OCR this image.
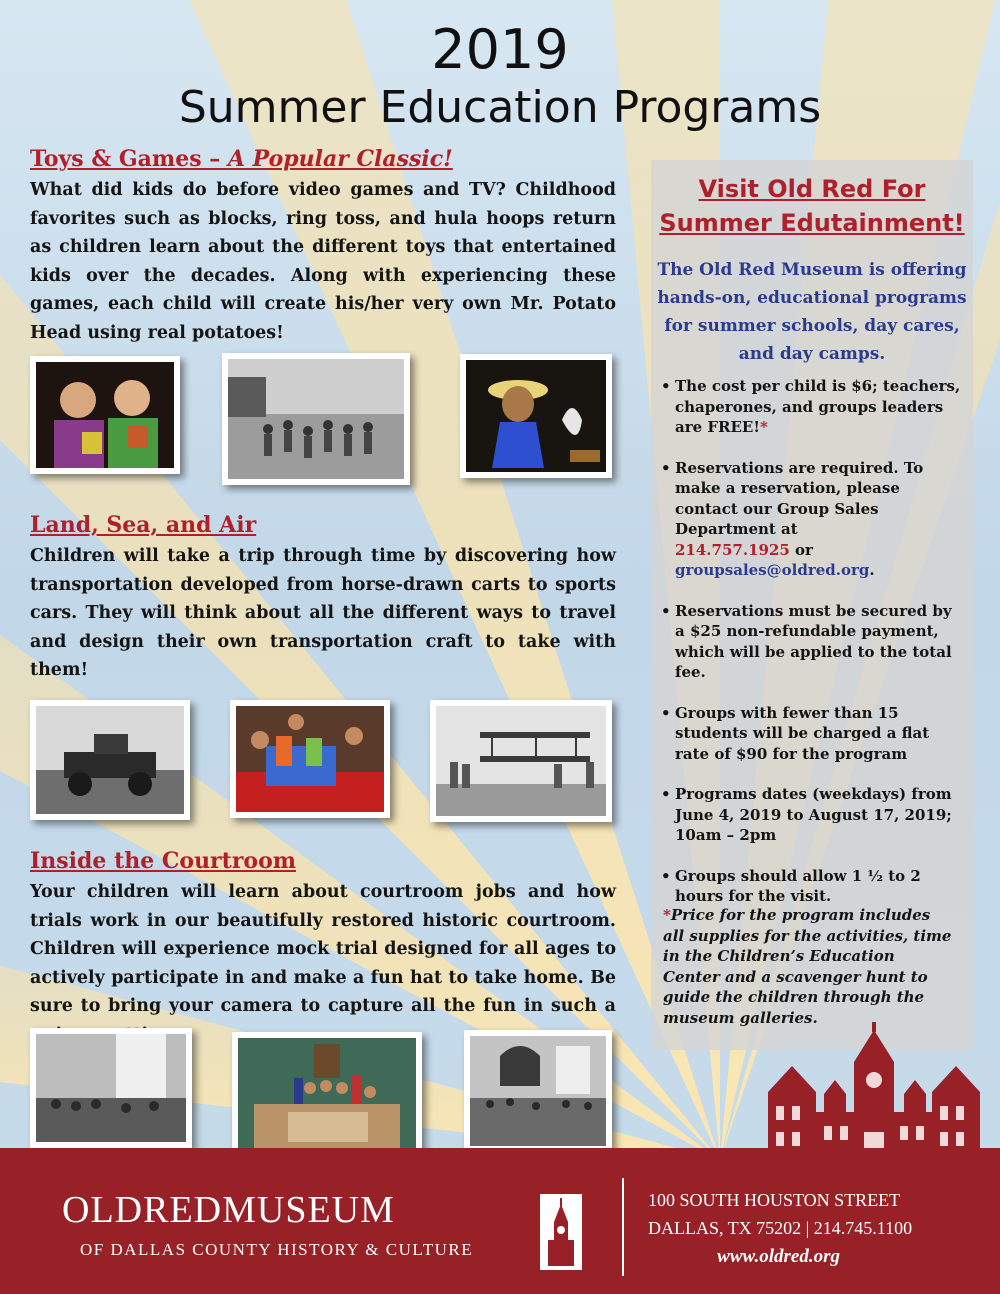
2019
Summer Education Programs
Toys & Games – A Popular Classic!

What did kids do before video games and TV? Childhood favorites such as blocks, ring toss, and hula hoops return as children learn about the different toys that entertained kids over the decades. Along with experiencing these games, each child will create his/her very own Mr. Potato Head using real potatoes!

Land, Sea, and Air

Children will take a trip through time by discovering how transportation developed from horse-drawn carts to sports cars. They will think about all the different ways to travel and design their own transportation craft to take with them!

Inside the Courtroom

Your children will learn about courtroom jobs and how trials work in our beautifully restored historic courtroom. Children will experience mock trial designed for all ages to actively participate in and make a fun hat to take home. Be sure to bring your camera to capture all the fun in such a

Visit Old Red For
Summer Edutainment!

The Old Red Museum is offering hands-on, educational programs for summer schools, day cares, and day camps.

• The cost per child is $6; teachers, chaperones, and groups leaders are FREE!*
• Reservations are required. To make a reservation, please contact our Group Sales Department at
214.757.1925 or
groupsales@oldred.org.
• Reservations must be secured by a $25 non-refundable payment, which will be applied to the total fee.
• Groups with fewer than 15 students will be charged a flat rate of $90 for the program
• Programs dates (weekdays) from June 4, 2019 to August 17, 2019; 10am – 2pm
• Groups should allow 1 ½ to 2 hours for the visit.

*Price for the program includes all supplies for the activities, time in the Children’s Education Center and a scavenger hunt to guide the children through the museum galleries.

OLDREDMUSEUM

OF DALLAS COUNTY HISTORY & CULTURE

100 SOUTH HOUSTON STREET

DALLAS, TX 75202 | 214.745.1100

www.oldred.org
